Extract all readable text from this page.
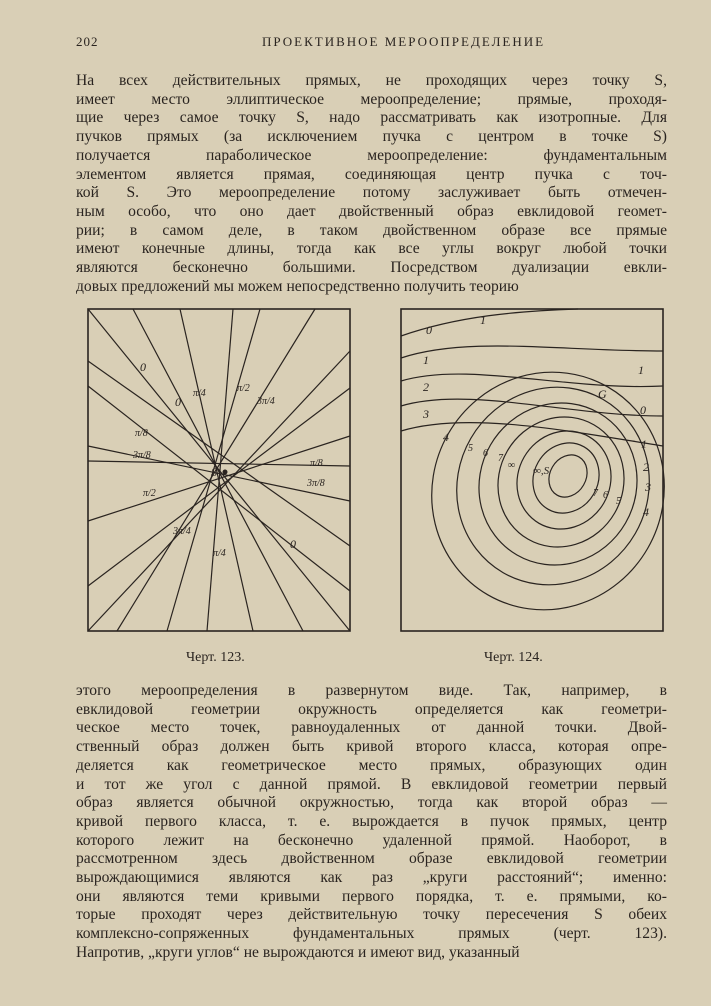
202	ПРОЕКТИВНОЕ МЕРООПРЕДЕЛЕНИЕ
На всех действительных прямых, не проходящих через точку S,
имеет место эллиптическое мероопределение; прямые, проходя-
щие через самое точку S, надо рассматривать как изотропные. Для
пучков прямых (за исключением пучка с центром в точке S)
получается параболическое мероопределение: фундаментальным
элементом является прямая, соединяющая центр пучка с точ-
кой S. Это мероопределение потому заслуживает быть отмечен-
ным особо, что оно дает двойственный образ евклидовой геомет-
рии; в самом деле, в таком двойственном образе все прямые
имеют конечные длины, тогда как все углы вокруг любой точки
являются бесконечно большими. Посредством дуализации евкли-
довых предложений мы можем непосредственно получить теорию
S
0
0
0
π/4
π/4
π/2
π/2
3π/4
3π/4
π/8
π/8
3π/8
3π/8
0
1
1
2
3
4
5 6 7
∞ ∞,S
G
0
1
2
3
4
5
6
7
1
Черт. 123.	Черт. 124.
этого мероопределения в развернутом виде. Так, например, в
евклидовой геометрии окружность определяется как геометри-
ческое место точек, равноудаленных от данной точки. Двой-
ственный образ должен быть кривой второго класса, которая опре-
деляется как геометрическое место прямых, образующих один
и тот же угол с данной прямой. В евклидовой геометрии первый
образ является обычной окружностью, тогда как второй образ —
кривой первого класса, т. е. вырождается в пучок прямых, центр
которого лежит на бесконечно удаленной прямой. Наоборот, в
рассмотренном здесь двойственном образе евклидовой геометрии
вырождающимися являются как раз „круги расстояний“; именно:
они являются теми кривыми первого порядка, т. е. прямыми, ко-
торые проходят через действительную точку пересечения S обеих
комплексно-сопряженных фундаментальных прямых (черт. 123).
Напротив, „круги углов“ не вырождаются и имеют вид, указанный
